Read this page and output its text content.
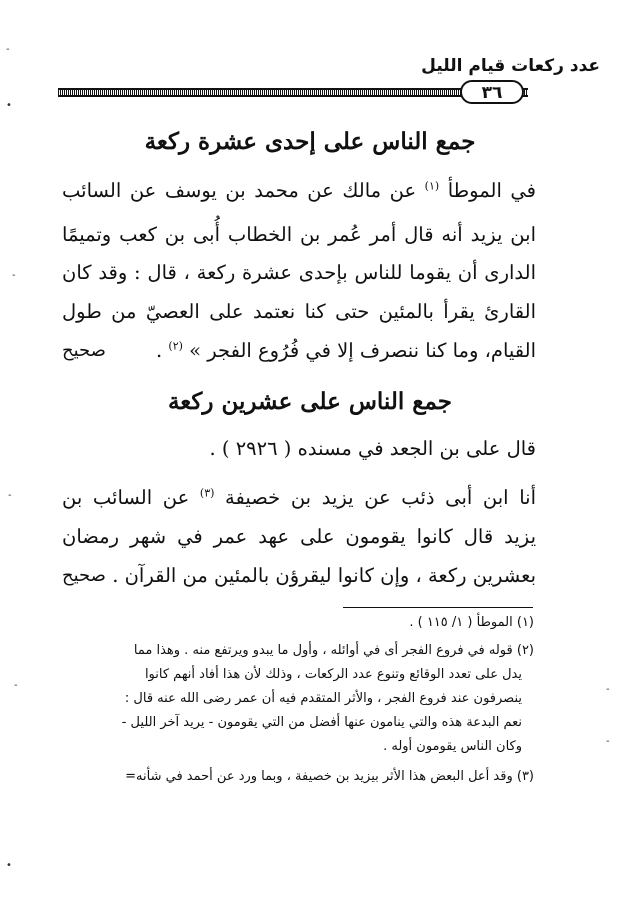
عدد ركعات قيام الليل
٣٦
جمع الناس على إحدى عشرة ركعة
في الموطأ $^{(١)}$ عن مالك عن محمد بن يوسف عن السائب
ابن يزيد أنه قال أمر عُمر بن الخطاب أُبى بن كعب وتميمًا
الدارى أن يقوما للناس بإحدى عشرة ركعة ، قال : وقد كان
القارئ يقرأ بالمئين حتى كنا نعتمد على العصيّ من طول
القيام، وما كنا ننصرف إلا في فُرُوع الفجر » $^{(٢)}$ .
صحيح
جمع الناس على عشرين ركعة
قال على بن الجعد في مسنده ( ٢٩٢٦ ) .
أنا ابن أبى ذئب عن يزيد بن خصيفة $^{(٣)}$ عن السائب بن
يزيد قال كانوا يقومون على عهد عمر في شهر رمضان
بعشرين ركعة ، وإن كانوا ليقرؤن بالمئين من القرآن .
صحيح
(١) الموطأ ( ١/ ١١٥ ) .
(٢) قوله في فروع الفجر أى في أوائله ، وأول ما يبدو ويرتفع منه . وهذا مما
يدل على تعدد الوقائع وتنوع عدد الركعات ، وذلك لأن هذا أفاد أنهم كانوا
ينصرفون عند فروع الفجر ، والأثر المتقدم فيه أن عمر رضى الله عنه قال :
نعم البدعة هذه والتي ينامون عنها أفضل من التي يقومون - يريد آخر الليل -
وكان الناس يقومون أوله .
(٣) وقد أعل البعض هذا الأثر بيزيد بن خصيفة ، وبما ورد عن أحمد في شأنه=
-
•
-
-
-
•
-
-
